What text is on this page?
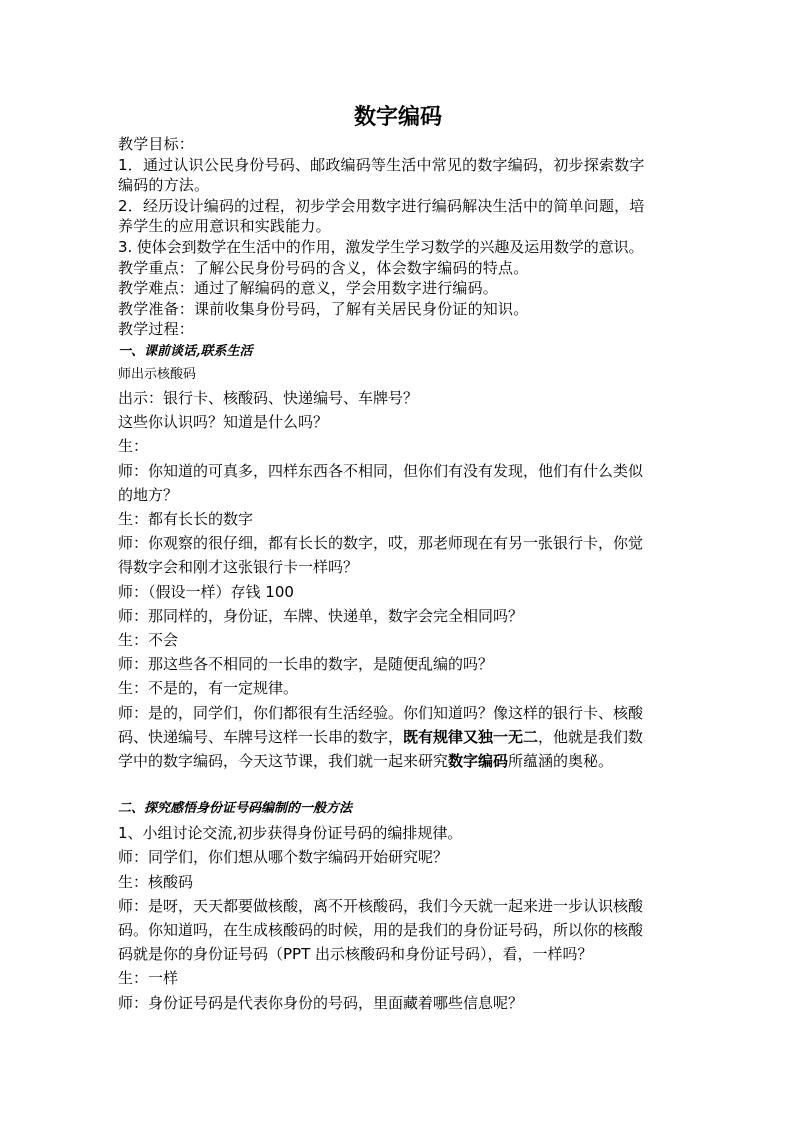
数字编码

教学目标：

1．通过认识公民身份号码、邮政编码等生活中常见的数字编码，初步探索数字

编码的方法。

2．经历设计编码的过程，初步学会用数字进行编码解决生活中的简单问题，培

养学生的应用意识和实践能力。

3. 使体会到数学在生活中的作用，激发学生学习数学的兴趣及运用数学的意识。

教学重点：了解公民身份号码的含义，体会数字编码的特点。

教学难点：通过了解编码的意义，学会用数字进行编码。

教学准备：课前收集身份号码，了解有关居民身份证的知识。

教学过程：

一、课前谈话,联系生活

师出示核酸码

出示：银行卡、核酸码、快递编号、车牌号？

这些你认识吗？知道是什么吗？

生：

师：你知道的可真多，四样东西各不相同，但你们有没有发现，他们有什么类似

的地方？

生：都有长长的数字

师：你观察的很仔细，都有长长的数字，哎，那老师现在有另一张银行卡，你觉

得数字会和刚才这张银行卡一样吗？

师：（假设一样）存钱 100

师：那同样的，身份证，车牌、快递单，数字会完全相同吗？

生：不会

师：那这些各不相同的一长串的数字，是随便乱编的吗？

生：不是的，有一定规律。

师：是的，同学们，你们都很有生活经验。你们知道吗？像这样的银行卡、核酸

码、快递编号、车牌号这样一长串的数字，既有规律又独一无二，他就是我们数

学中的数字编码，今天这节课，我们就一起来研究数字编码所蕴涵的奥秘。

二、探究感悟身份证号码编制的一般方法

1、小组讨论交流,初步获得身份证号码的编排规律。

师：同学们，你们想从哪个数字编码开始研究呢？

生：核酸码

师：是呀，天天都要做核酸，离不开核酸码，我们今天就一起来进一步认识核酸

码。你知道吗，在生成核酸码的时候，用的是我们的身份证号码，所以你的核酸

码就是你的身份证号码（PPT 出示核酸码和身份证号码），看，一样吗？

生：一样

师：身份证号码是代表你身份的号码，里面藏着哪些信息呢？
